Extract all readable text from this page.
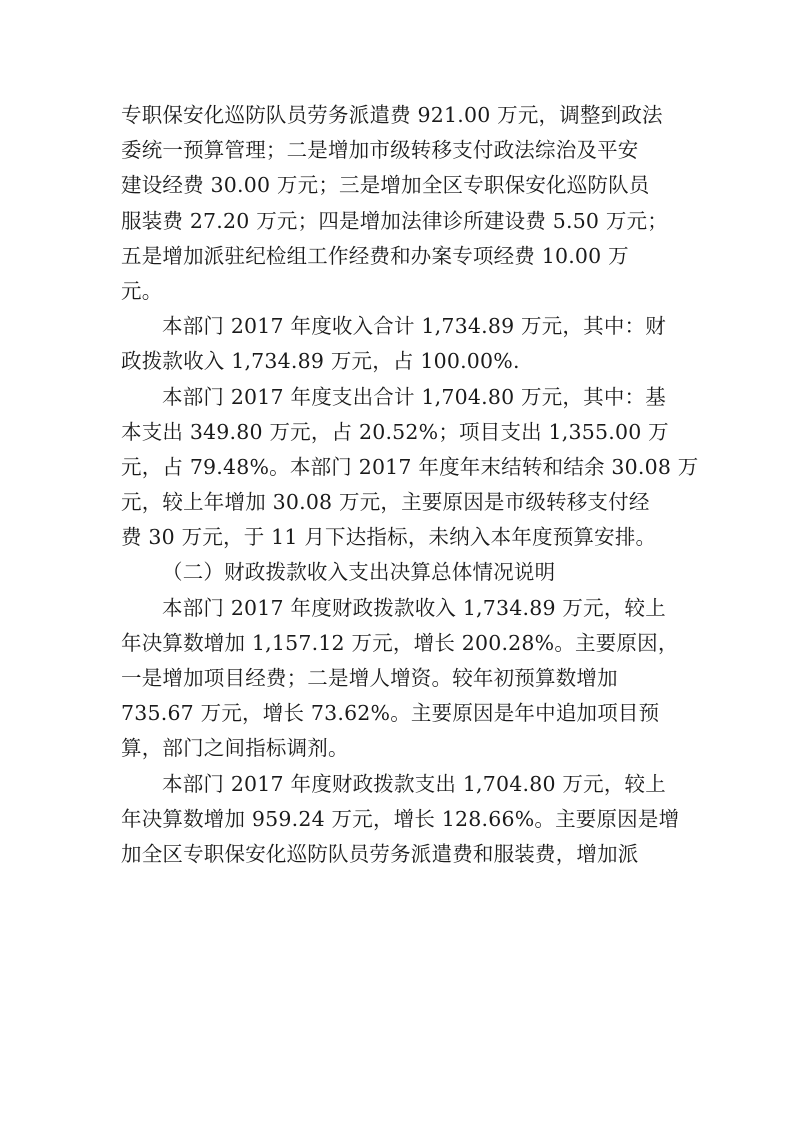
专职保安化巡防队员劳务派遣费 921.00 万元，调整到政法
委统一预算管理；二是增加市级转移支付政法综治及平安
建设经费 30.00 万元；三是增加全区专职保安化巡防队员
服装费 27.20 万元；四是增加法律诊所建设费 5.50 万元；
五是增加派驻纪检组工作经费和办案专项经费 10.00 万
元。
本部门 2017 年度收入合计 1,734.89 万元，其中：财
政拨款收入 1,734.89 万元，占 100.00%.
本部门 2017 年度支出合计 1,704.80 万元，其中：基
本支出 349.80 万元，占 20.52%；项目支出 1,355.00 万
元，占 79.48%。本部门 2017 年度年末结转和结余 30.08 万
元，较上年增加 30.08 万元，主要原因是市级转移支付经
费 30 万元，于 11 月下达指标，未纳入本年度预算安排。
（二）财政拨款收入支出决算总体情况说明
本部门 2017 年度财政拨款收入 1,734.89 万元，较上
年决算数增加 1,157.12 万元，增长 200.28%。主要原因，
一是增加项目经费；二是增人增资。较年初预算数增加
735.67 万元，增长 73.62%。主要原因是年中追加项目预
算，部门之间指标调剂。
本部门 2017 年度财政拨款支出 1,704.80 万元，较上
年决算数增加 959.24 万元，增长 128.66%。主要原因是增
加全区专职保安化巡防队员劳务派遣费和服装费，增加派
